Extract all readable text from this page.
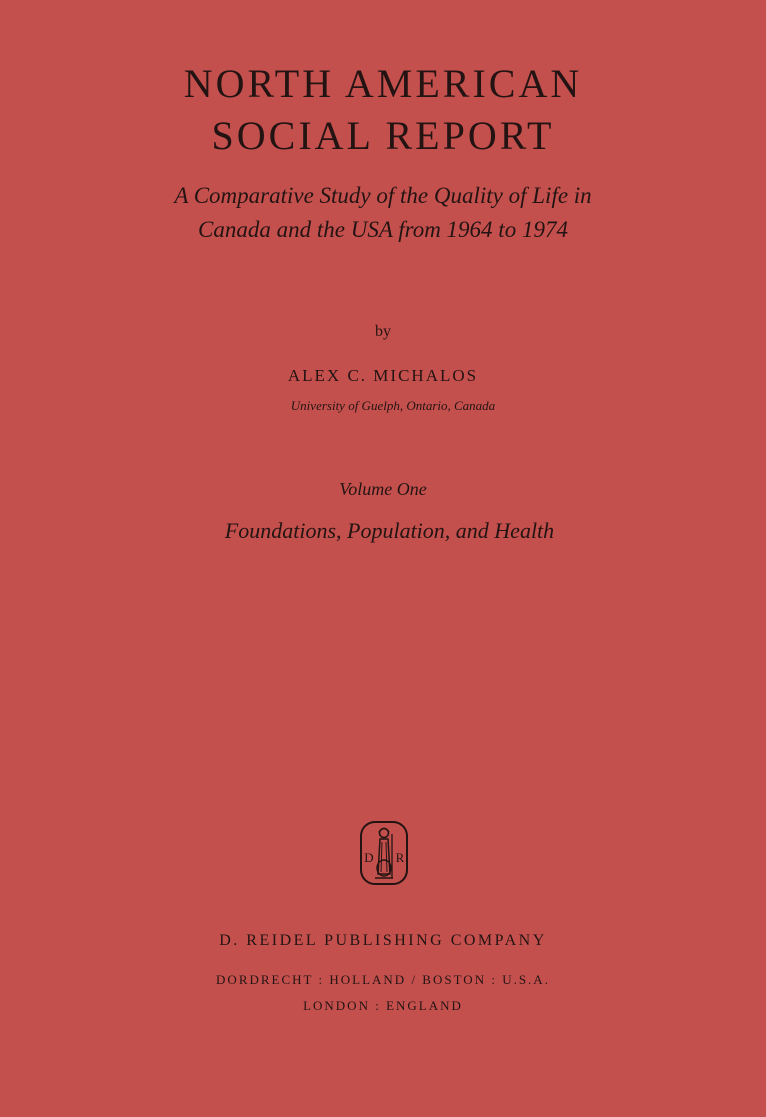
NORTH AMERICAN
SOCIAL REPORT
A Comparative Study of the Quality of Life in
Canada and the USA from 1964 to 1974
by
ALEX C. MICHALOS
University of Guelph, Ontario, Canada
Volume One
Foundations, Population, and Health
D R
D. REIDEL PUBLISHING COMPANY
DORDRECHT : HOLLAND / BOSTON : U.S.A.
LONDON : ENGLAND
